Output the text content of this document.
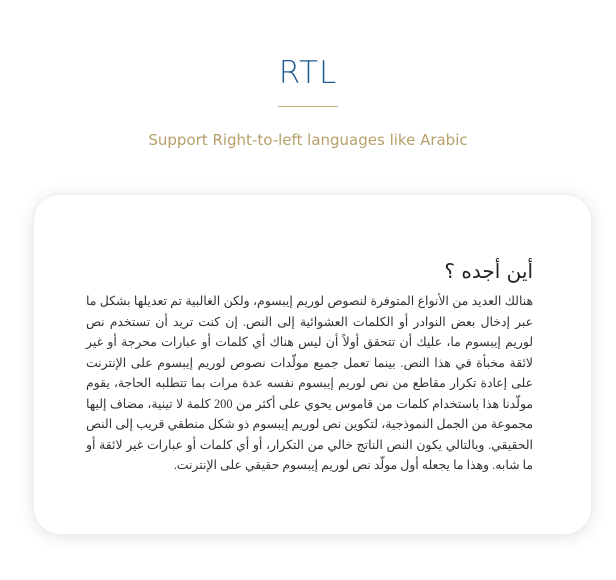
RTL

Support Right-to-left languages like Arabic

أين أجده ؟

هنالك العديد من الأنواع المتوفرة لنصوص لوريم إيبسوم، ولكن الغالبية تم تعديلها بشكل ما عبر إدخال بعض النوادر أو الكلمات العشوائية إلى النص. إن كنت تريد أن تستخدم نص لوريم إيبسوم ما، عليك أن تتحقق أولاً أن ليس هناك أي كلمات أو عبارات محرجة أو غير لائقة مخبأة في هذا النص. بينما تعمل جميع مولّدات نصوص لوريم إيبسوم على الإنترنت على إعادة تكرار مقاطع من نص لوريم إيبسوم نفسه عدة مرات بما تتطلبه الحاجة، يقوم مولّدنا هذا باستخدام كلمات من قاموس يحوي على أكثر من 200 كلمة لا تينية، مضاف إليها مجموعة من الجمل النموذجية، لتكوين نص لوريم إيبسوم ذو شكل منطقي قريب إلى النص الحقيقي. وبالتالي يكون النص الناتج خالي من التكرار، أو أي كلمات أو عبارات غير لائقة أو ما شابه. وهذا ما يجعله أول مولّد نص لوريم إيبسوم حقيقي على الإنترنت.
